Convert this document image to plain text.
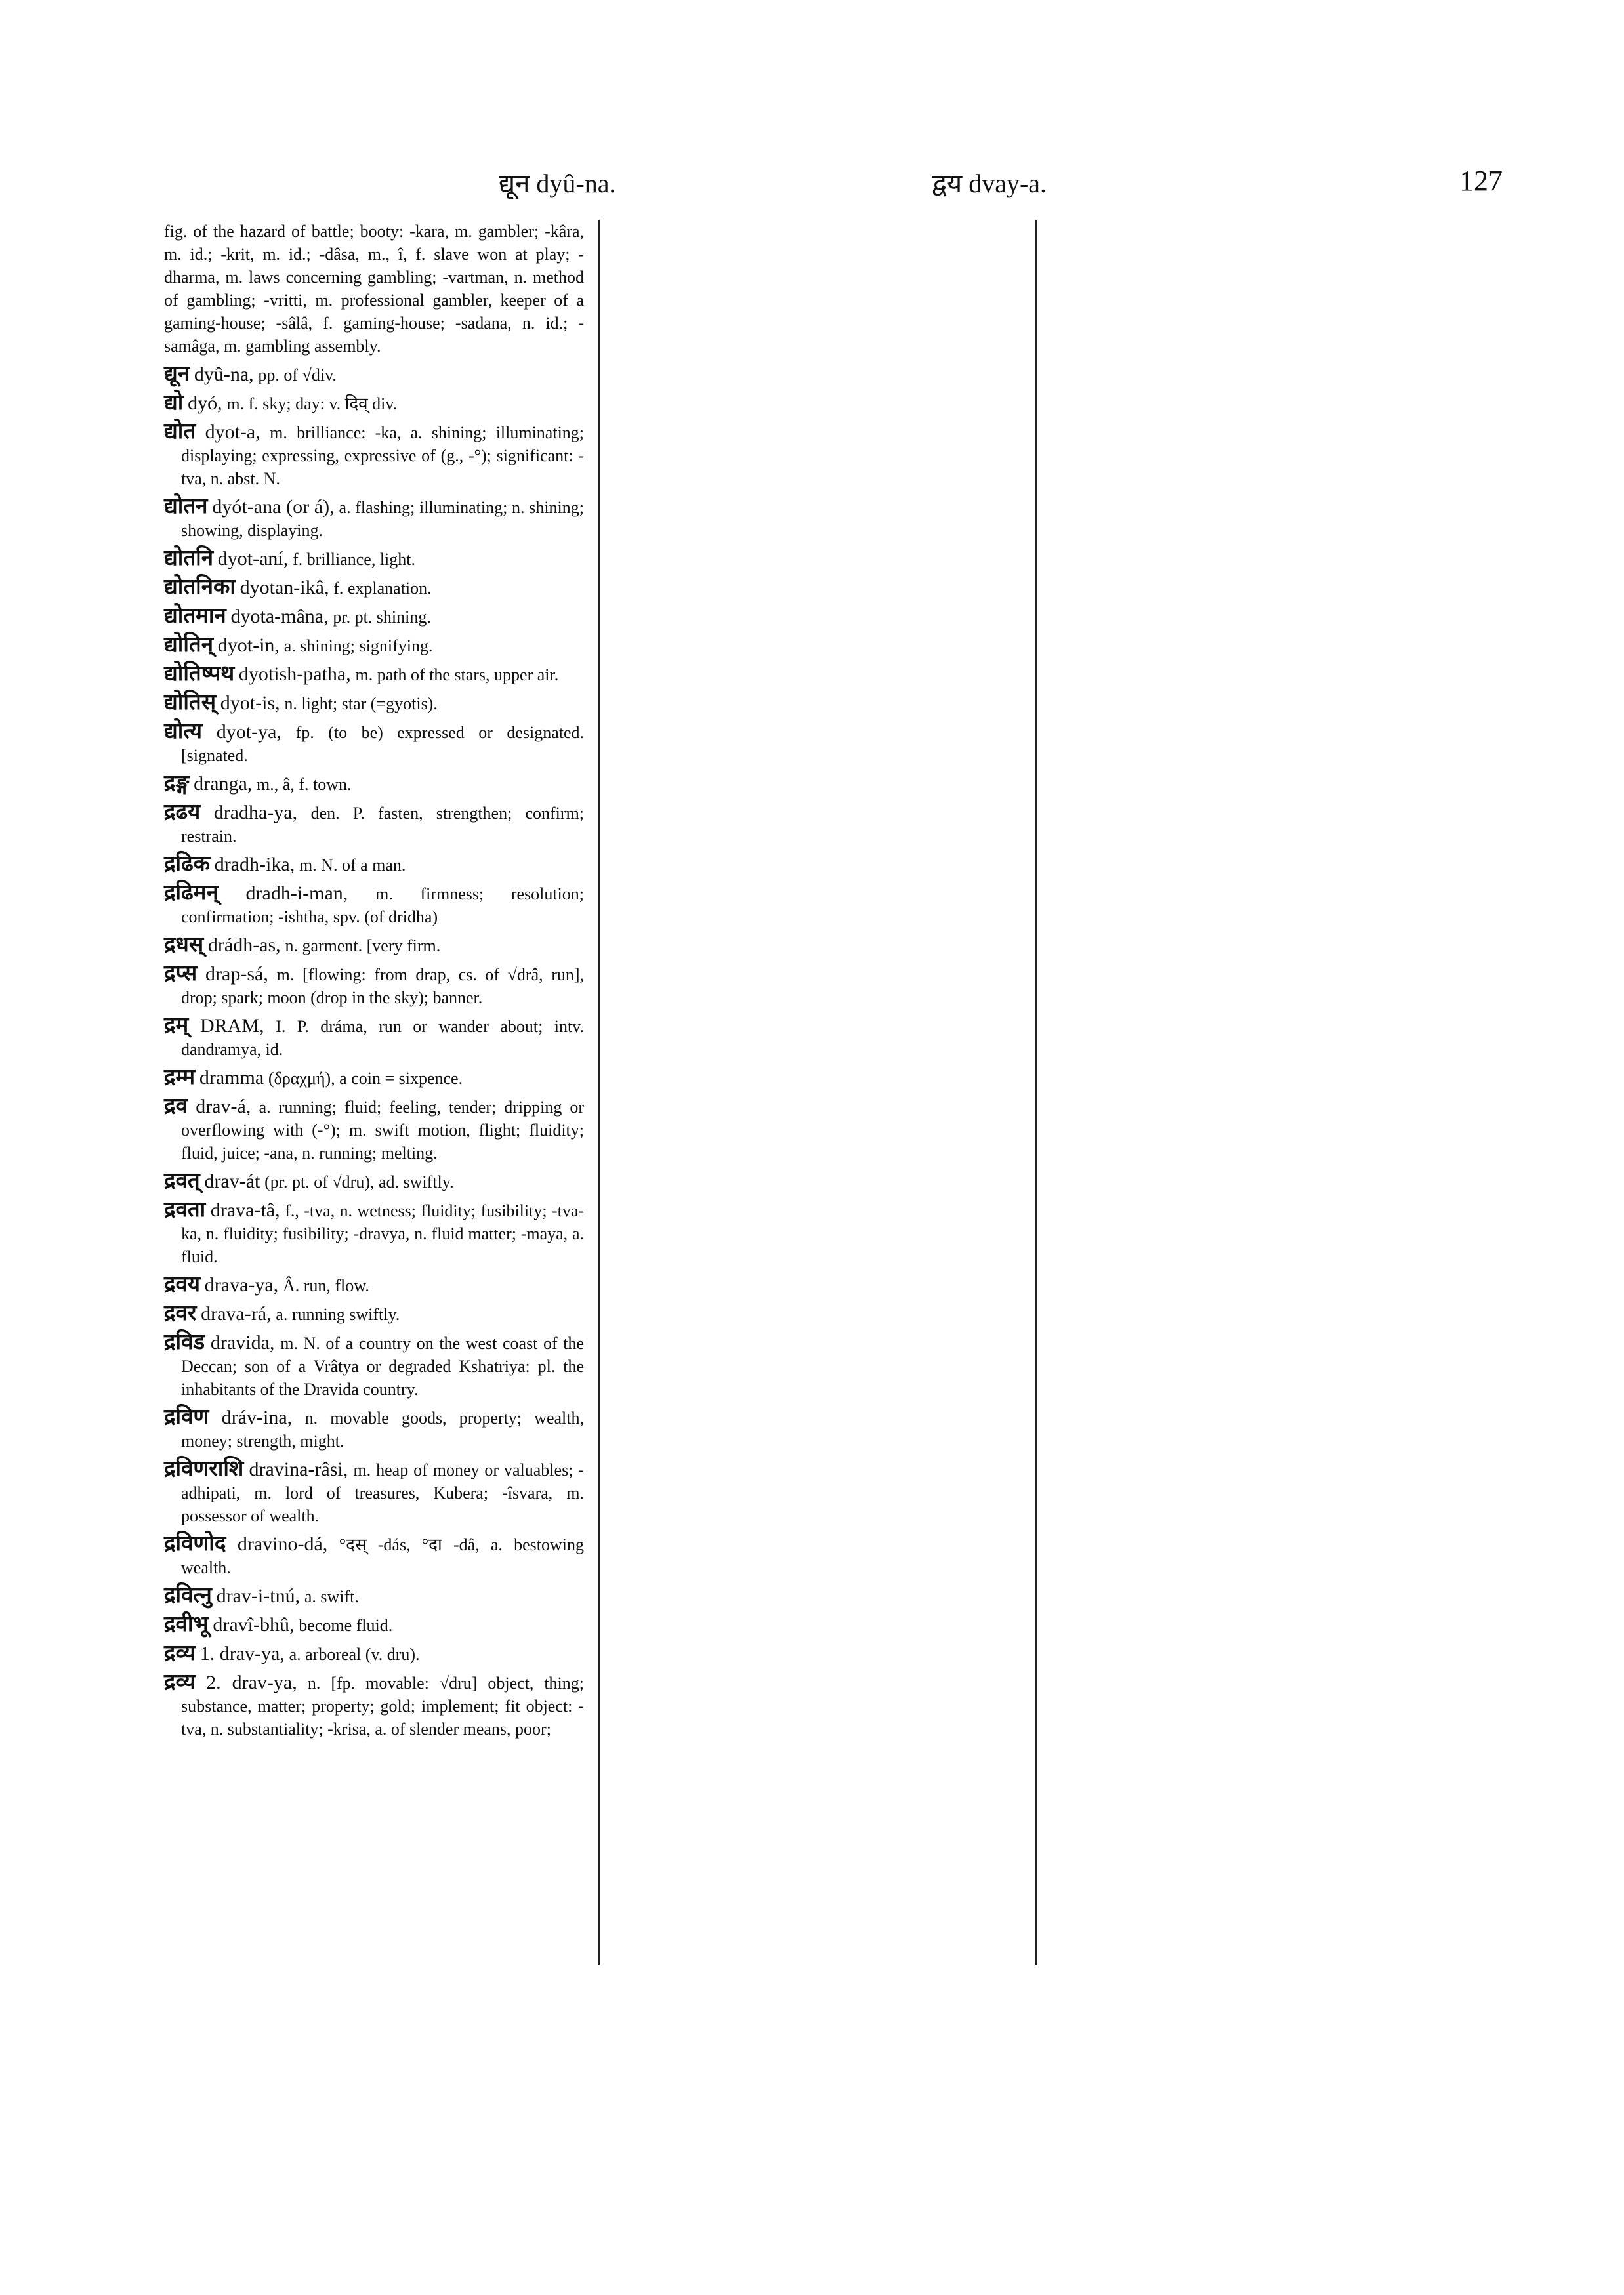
द्यून dyû-na.	द्वय dvay-a.	127
fig. of the hazard of battle; booty: -kara, m. gambler; -kâra, m. id.; -krit, m. id.; -dâsa, m., î, f. slave won at play; -dharma, m. laws concerning gambling; -vartman, n. method of gambling; -vritti, m. professional gambler, keeper of a gaming-house; -sâlâ, f. gaming-house; -sadana, n. id.; -samâga, m. gambling assembly.
द्यून dyû-na, pp. of √div.
द्यो dyó, m. f. sky; day: v. दिव् div.
द्योत dyot-a, m. brilliance: -ka, a. shining; illuminating; displaying; expressing, expressive of (g., -°); significant: -tva, n. abst. N.
द्योतन dyót-ana (or á), a. flashing; illuminating; n. shining; showing, displaying.
द्योतनि dyot-aní, f. brilliance, light.
द्योतनिका dyotan-ikâ, f. explanation.
द्योतमान dyota-mâna, pr. pt. shining.
द्योतिन् dyot-in, a. shining; signifying.
द्योतिष्पथ dyotish-patha, m. path of the stars, upper air.
द्योतिस् dyot-is, n. light; star (=gyotis).
द्योत्य dyot-ya, fp. (to be) expressed or designated. [signated.
द्रङ्ग dranga, m., â, f. town.
द्रढय dradha-ya, den. P. fasten, strengthen; confirm; restrain.
द्रढिक dradh-ika, m. N. of a man.
द्रढिमन् dradh-i-man, m. firmness; resolution; confirmation; -ishtha, spv. (of dridha)
द्रधस् drádh-as, n. garment. [very firm.
द्रप्स drap-sá, m. [flowing: from drap, cs. of √drâ, run], drop; spark; moon (drop in the sky); banner.
द्रम् DRAM, I. P. dráma, run or wander about; intv. dandramya, id.
द्रम्म dramma (δραχμή), a coin = sixpence.
द्रव drav-á, a. running; fluid; feeling, tender; dripping or overflowing with (-°); m. swift motion, flight; fluidity; fluid, juice; -ana, n. running; melting.
द्रवत् drav-át (pr. pt. of √dru), ad. swiftly.
द्रवता drava-tâ, f., -tva, n. wetness; fluidity; fusibility; -tva-ka, n. fluidity; fusibility; -dravya, n. fluid matter; -maya, a. fluid.
द्रवय drava-ya, Â. run, flow.
द्रवर drava-rá, a. running swiftly.
द्रविड dravida, m. N. of a country on the west coast of the Deccan; son of a Vrâtya or degraded Kshatriya: pl. the inhabitants of the Dravida country.
द्रविण dráv-ina, n. movable goods, property; wealth, money; strength, might.
द्रविणराशि dravina-râsi, m. heap of money or valuables; -adhipati, m. lord of treasures, Kubera; -îsvara, m. possessor of wealth.
द्रविणोद dravino-dá, °दस् -dás, °दा -dâ, a. bestowing wealth.
द्रवित्नु drav-i-tnú, a. swift.
द्रवीभू dravî-bhû, become fluid.
द्रव्य 1. drav-ya, a. arboreal (v. dru).
द्रव्य 2. drav-ya, n. [fp. movable: √dru] object, thing; substance, matter; property; gold; implement; fit object: -tva, n. substantiality; -krisa, a. of slender means, poor;
